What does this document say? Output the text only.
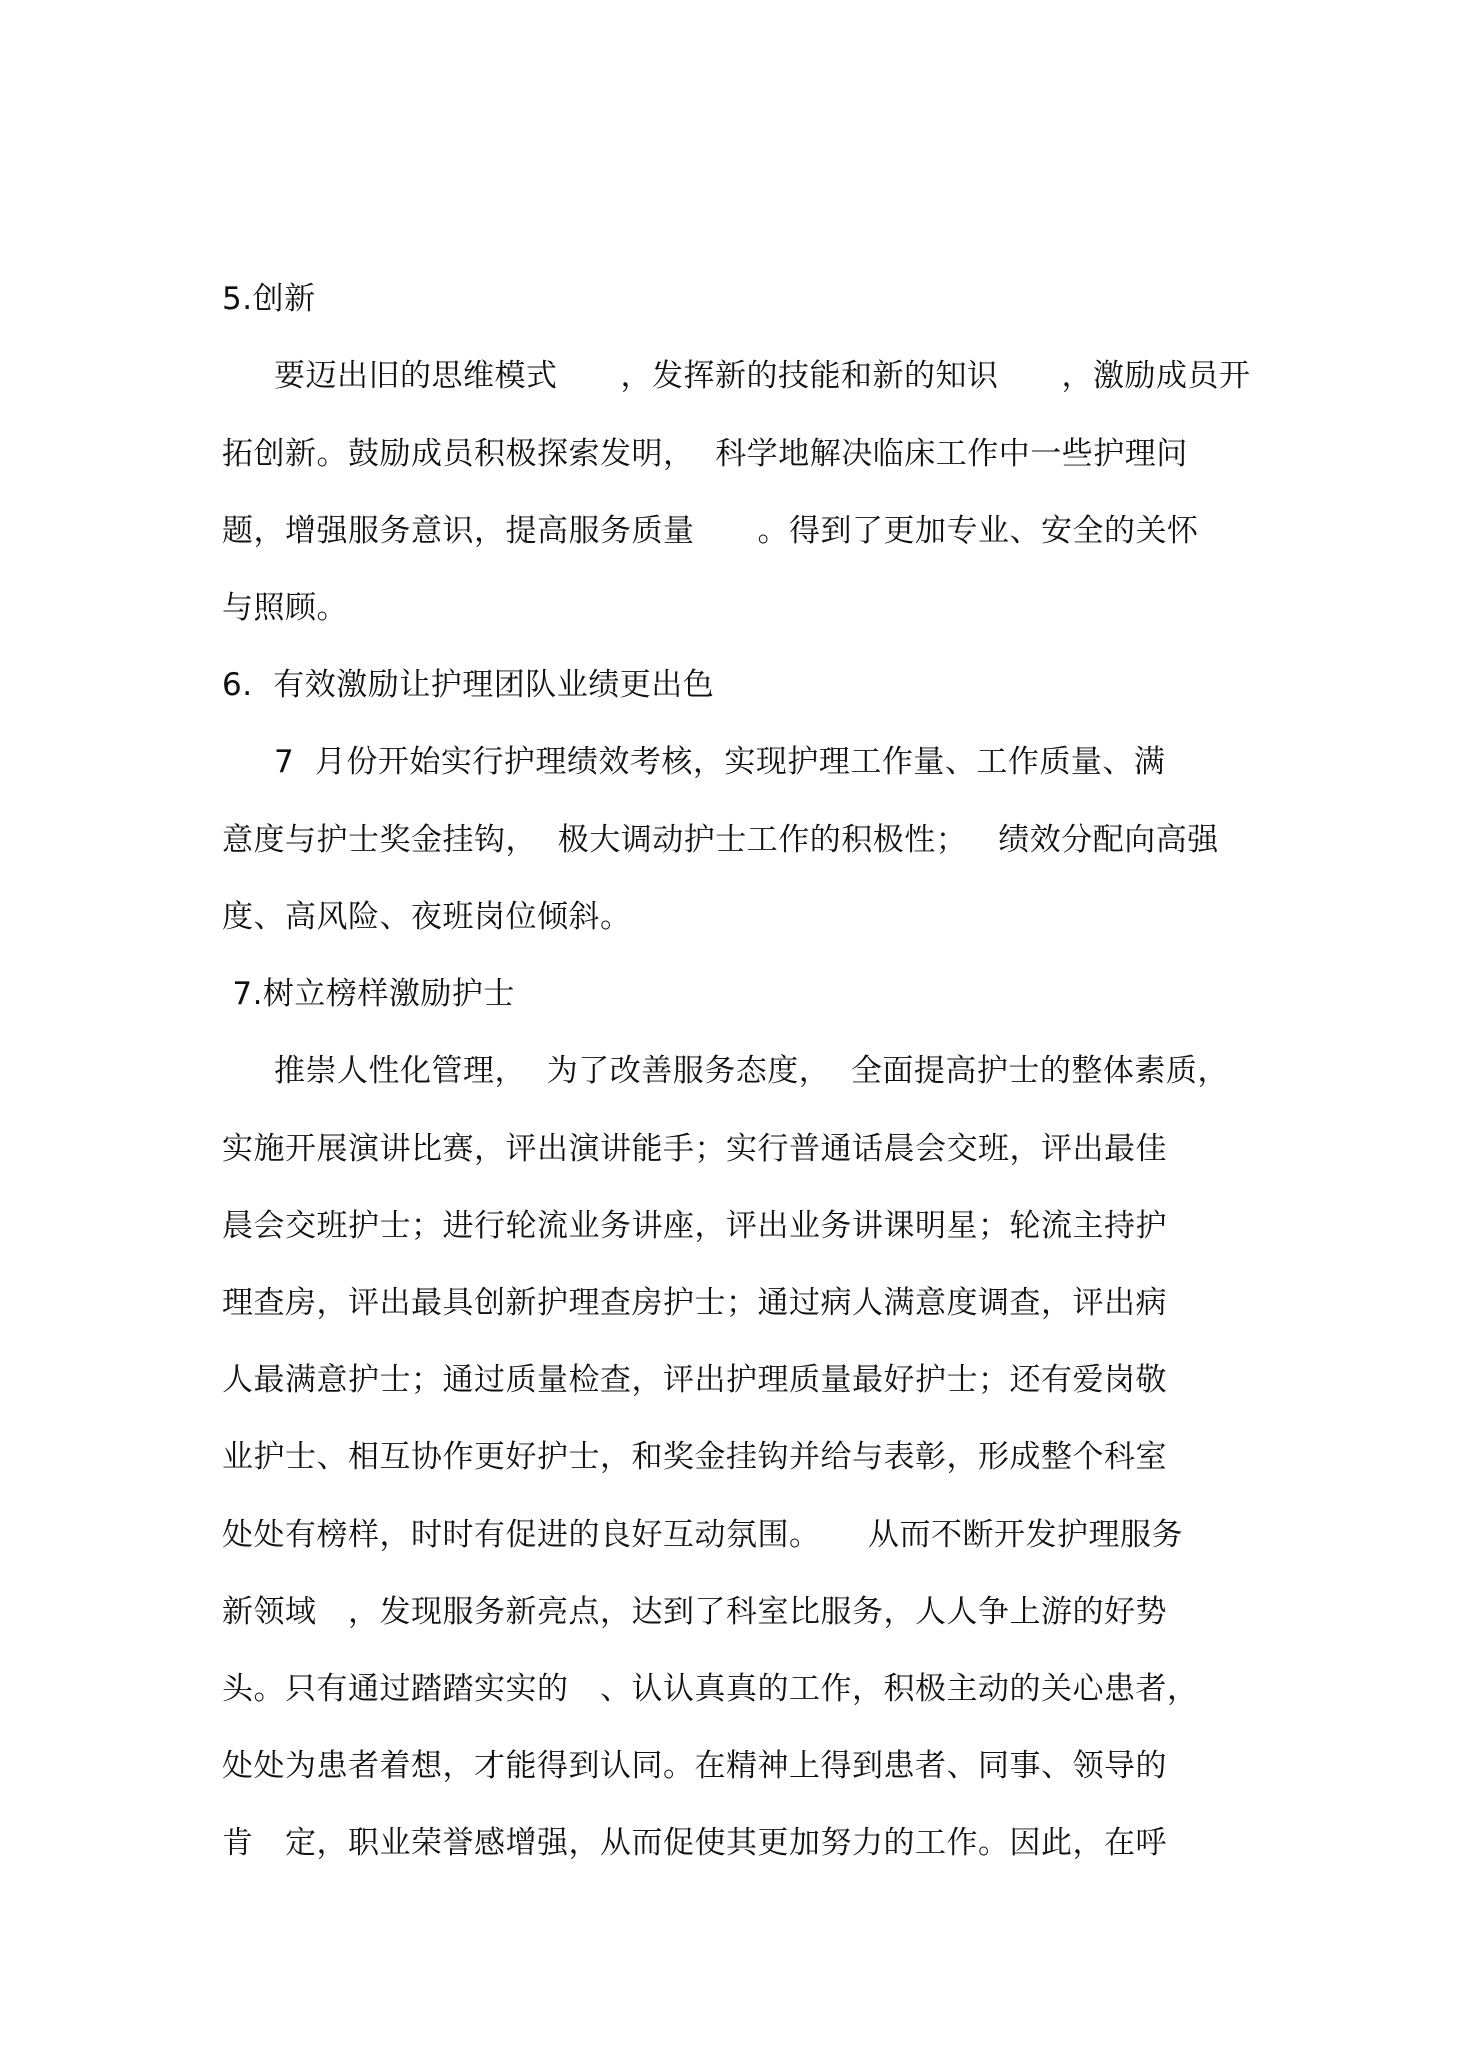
5.创新
要迈出旧的思维模式　　，发挥新的技能和新的知识　　，激励成员开
拓创新。鼓励成员积极探索发明，  科学地解决临床工作中一些护理问
题，增强服务意识，提高服务质量　　。得到了更加专业、安全的关怀
与照顾。
6.  有效激励让护理团队业绩更出色
7  月份开始实行护理绩效考核，实现护理工作量、工作质量、满
意度与护士奖金挂钩，  极大调动护士工作的积极性；   绩效分配向高强
度、高风险、夜班岗位倾斜。
7.树立榜样激励护士
推崇人性化管理，  为了改善服务态度，  全面提高护士的整体素质，
实施开展演讲比赛，评出演讲能手；实行普通话晨会交班，评出最佳
晨会交班护士；进行轮流业务讲座，评出业务讲课明星；轮流主持护
理查房，评出最具创新护理查房护士；通过病人满意度调查，评出病
人最满意护士；通过质量检查，评出护理质量最好护士；还有爱岗敬
业护士、相互协作更好护士，和奖金挂钩并给与表彰，形成整个科室
处处有榜样，时时有促进的良好互动氛围。　　从而不断开发护理服务
新领域　，发现服务新亮点，达到了科室比服务，人人争上游的好势
头。只有通过踏踏实实的　、认认真真的工作，积极主动的关心患者，
处处为患者着想，才能得到认同。在精神上得到患者、同事、领导的
肯　定，职业荣誉感增强，从而促使其更加努力的工作。因此，在呼
